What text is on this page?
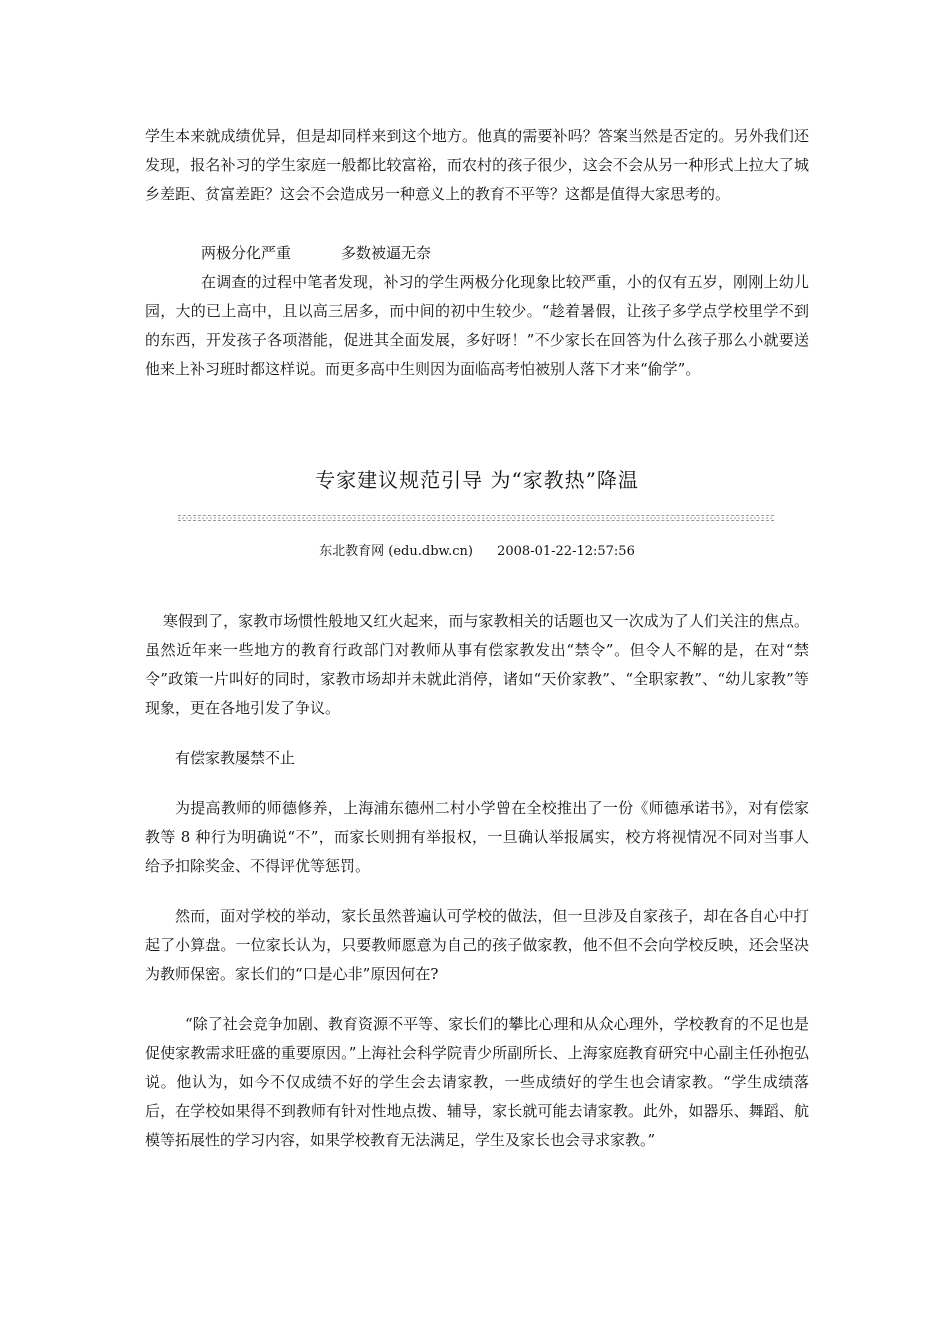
学生本来就成绩优异，但是却同样来到这个地方。他真的需要补吗？答案当然是否定的。另外我们还发现，报名补习的学生家庭一般都比较富裕，而农村的孩子很少，这会不会从另一种形式上拉大了城乡差距、贫富差距？这会不会造成另一种意义上的教育不平等？这都是值得大家思考的。

两极分化严重	多数被逼无奈

在调查的过程中笔者发现，补习的学生两极分化现象比较严重，小的仅有五岁，刚刚上幼儿园，大的已上高中，且以高三居多，而中间的初中生较少。“趁着暑假，让孩子多学点学校里学不到的东西，开发孩子各项潜能，促进其全面发展，多好呀！”不少家长在回答为什么孩子那么小就要送他来上补习班时都这样说。而更多高中生则因为面临高考怕被别人落下才来“偷学”。

专家建议规范引导 为“家教热”降温
东北教育网 (edu.dbw.cn) 2008-01-22-12:57:56

寒假到了，家教市场惯性般地又红火起来，而与家教相关的话题也又一次成为了人们关注的焦点。虽然近年来一些地方的教育行政部门对教师从事有偿家教发出“禁令”。但令人不解的是，在对“禁令”政策一片叫好的同时，家教市场却并未就此消停，诸如“天价家教”、“全职家教”、“幼儿家教”等现象，更在各地引发了争议。

有偿家教屡禁不止

为提高教师的师德修养，上海浦东德州二村小学曾在全校推出了一份《师德承诺书》，对有偿家教等 8 种行为明确说“不”，而家长则拥有举报权，一旦确认举报属实，校方将视情况不同对当事人给予扣除奖金、不得评优等惩罚。

然而，面对学校的举动，家长虽然普遍认可学校的做法，但一旦涉及自家孩子，却在各自心中打起了小算盘。一位家长认为，只要教师愿意为自己的孩子做家教，他不但不会向学校反映，还会坚决为教师保密。家长们的“口是心非”原因何在?

“除了社会竞争加剧、教育资源不平等、家长们的攀比心理和从众心理外，学校教育的不足也是促使家教需求旺盛的重要原因。”上海社会科学院青少所副所长、上海家庭教育研究中心副主任孙抱弘说。他认为，如今不仅成绩不好的学生会去请家教，一些成绩好的学生也会请家教。“学生成绩落后，在学校如果得不到教师有针对性地点拨、辅导，家长就可能去请家教。此外，如器乐、舞蹈、航模等拓展性的学习内容，如果学校教育无法满足，学生及家长也会寻求家教。”
